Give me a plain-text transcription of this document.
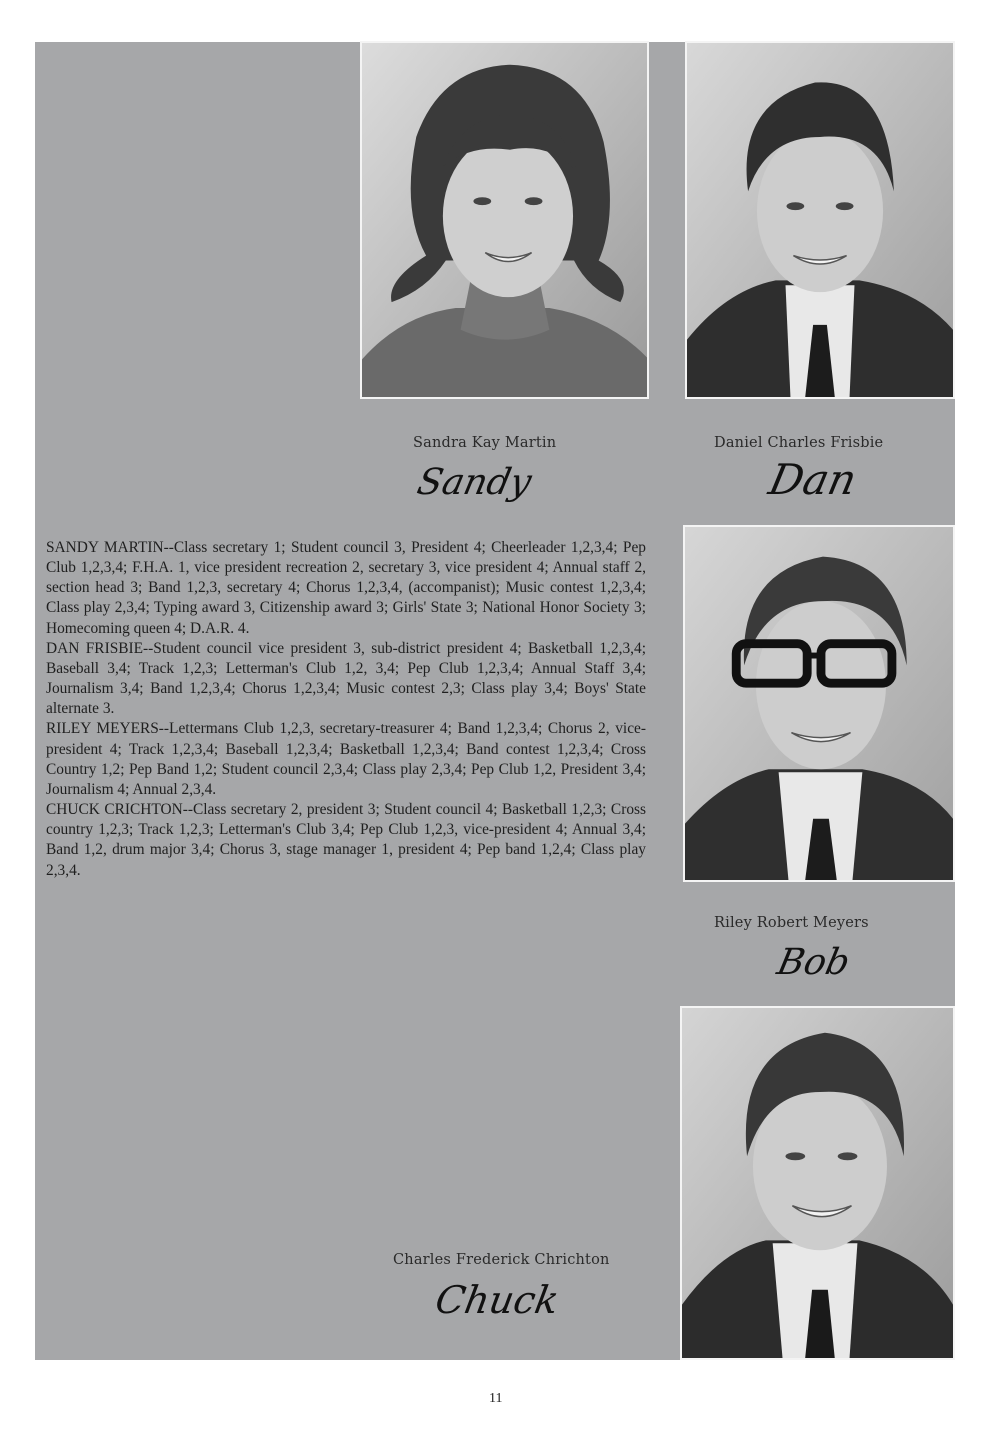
Sandra Kay Martin
Sandy
Daniel Charles Frisbie
Dan
Riley Robert Meyers
Bob
Charles Frederick Chrichton
Chuck

SANDY MARTIN--Class secretary 1; Student council 3, President 4; Cheerleader 1,2,3,4; Pep Club 1,2,3,4; F.H.A. 1, vice president recreation 2, secretary 3, vice president 4; Annual staff 2, section head 3; Band 1,2,3, secretary 4; Chorus 1,2,3,4, (accompanist); Music contest 1,2,3,4; Class play 2,3,4; Typing award 3, Citizenship award 3; Girls' State 3; National Honor Society 3; Homecoming queen 4; D.A.R. 4.

DAN FRISBIE--Student council vice president 3, sub-district president 4; Basketball 1,2,3,4; Baseball 3,4; Track 1,2,3; Letterman's Club 1,2, 3,4; Pep Club 1,2,3,4; Annual Staff 3,4; Journalism 3,4; Band 1,2,3,4; Chorus 1,2,3,4; Music contest 2,3; Class play 3,4; Boys' State alternate 3.

RILEY MEYERS--Lettermans Club 1,2,3, secretary-treasurer 4; Band 1,2,3,4; Chorus 2, vice-president 4; Track 1,2,3,4; Baseball 1,2,3,4; Basketball 1,2,3,4; Band contest 1,2,3,4; Cross Country 1,2; Pep Band 1,2; Student council 2,3,4; Class play 2,3,4; Pep Club 1,2, President 3,4; Journalism 4; Annual 2,3,4.

CHUCK CRICHTON--Class secretary 2, president 3; Student council 4; Basketball 1,2,3; Cross country 1,2,3; Track 1,2,3; Letterman's Club 3,4; Pep Club 1,2,3, vice-president 4; Annual 3,4; Band 1,2, drum major 3,4; Chorus 3, stage manager 1, president 4; Pep band 1,2,4; Class play 2,3,4.

11
